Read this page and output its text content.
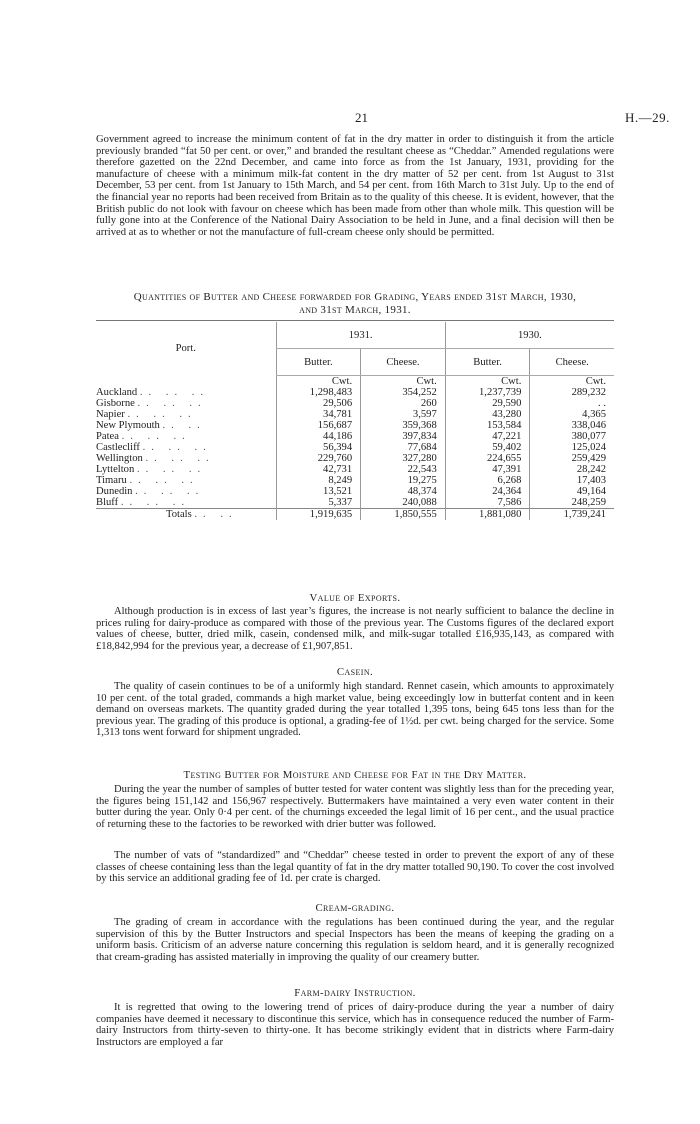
21	H.—29.

Government agreed to increase the minimum content of fat in the dry matter in order to distinguish it from the article previously branded “fat 50 per cent. or over,” and branded the resultant cheese as “Cheddar.” Amended regulations were therefore gazetted on the 22nd December, and came into force as from the 1st January, 1931, providing for the manufacture of cheese with a minimum milk-fat content in the dry matter of 52 per cent. from 1st August to 31st December, 53 per cent. from 1st January to 15th March, and 54 per cent. from 16th March to 31st July. Up to the end of the financial year no reports had been received from Britain as to the quality of this cheese. It is evident, however, that the British public do not look with favour on cheese which has been made from other than whole milk. This question will be fully gone into at the Conference of the National Dairy Association to be held in June, and a final decision will then be arrived at as to whether or not the manufacture of full-cream cheese only should be permitted.

Quantities of Butter and Cheese forwarded for Grading, Years ended 31st March, 1930,
and 31st March, 1931.

Port.	1931.		1930.	
	Butter.	Cheese.	Butter.	Cheese.
	Cwt.	Cwt.	Cwt.	Cwt.
Auckland .. .. ..	1,298,483	354,252	1,237,739	289,232
Gisborne .. .. ..	29,506	260	29,590	. .
Napier .. .. ..	34,781	3,597	43,280	4,365
New Plymouth .. ..	156,687	359,368	153,584	338,046
Patea .. .. ..	44,186	397,834	47,221	380,077
Castlecliff .. .. ..	56,394	77,684	59,402	125,024
Wellington .. .. ..	229,760	327,280	224,655	259,429
Lyttelton .. .. ..	42,731	22,543	47,391	28,242
Timaru .. .. ..	8,249	19,275	6,268	17,403
Dunedin .. .. ..	13,521	48,374	24,364	49,164
Bluff .. .. ..	5,337	240,088	7,586	248,259

Totals .. ..	1,919,635	1,850,555	1,881,080	1,739,241
Value of Exports.

Although production is in excess of last year’s figures, the increase is not nearly sufficient to balance the decline in prices ruling for dairy-produce as compared with those of the previous year. The Customs figures of the declared export values of cheese, butter, dried milk, casein, condensed milk, and milk-sugar totalled £16,935,143, as compared with £18,842,994 for the previous year, a decrease of £1,907,851.

Casein.

The quality of casein continues to be of a uniformly high standard. Rennet casein, which amounts to approximately 10 per cent. of the total graded, commands a high market value, being exceedingly low in butterfat content and in keen demand on overseas markets. The quantity graded during the year totalled 1,395 tons, being 645 tons less than for the previous year. The grading of this produce is optional, a grading-fee of 1½d. per cwt. being charged for the service. Some 1,313 tons went forward for shipment ungraded.

Testing Butter for Moisture and Cheese for Fat in the Dry Matter.

During the year the number of samples of butter tested for water content was slightly less than for the preceding year, the figures being 151,142 and 156,967 respectively. Buttermakers have maintained a very even water content in their butter during the year. Only 0·4 per cent. of the churnings exceeded the legal limit of 16 per cent., and the usual practice of returning these to the factories to be reworked with drier butter was followed.

The number of vats of “standardized” and “Cheddar” cheese tested in order to prevent the export of any of these classes of cheese containing less than the legal quantity of fat in the dry matter totalled 90,190. To cover the cost involved by this service an additional grading fee of 1d. per crate is charged.

Cream-grading.

The grading of cream in accordance with the regulations has been continued during the year, and the regular supervision of this by the Butter Instructors and special Inspectors has been the means of keeping the grading on a uniform basis. Criticism of an adverse nature concerning this regulation is seldom heard, and it is generally recognized that cream-grading has assisted materially in improving the quality of our creamery butter.

Farm-dairy Instruction.

It is regretted that owing to the lowering trend of prices of dairy-produce during the year a number of dairy companies have deemed it necessary to discontinue this service, which has in consequence reduced the number of Farm-dairy Instructors from thirty-seven to thirty-one. It has become strikingly evident that in districts where Farm-dairy Instructors are employed a far
